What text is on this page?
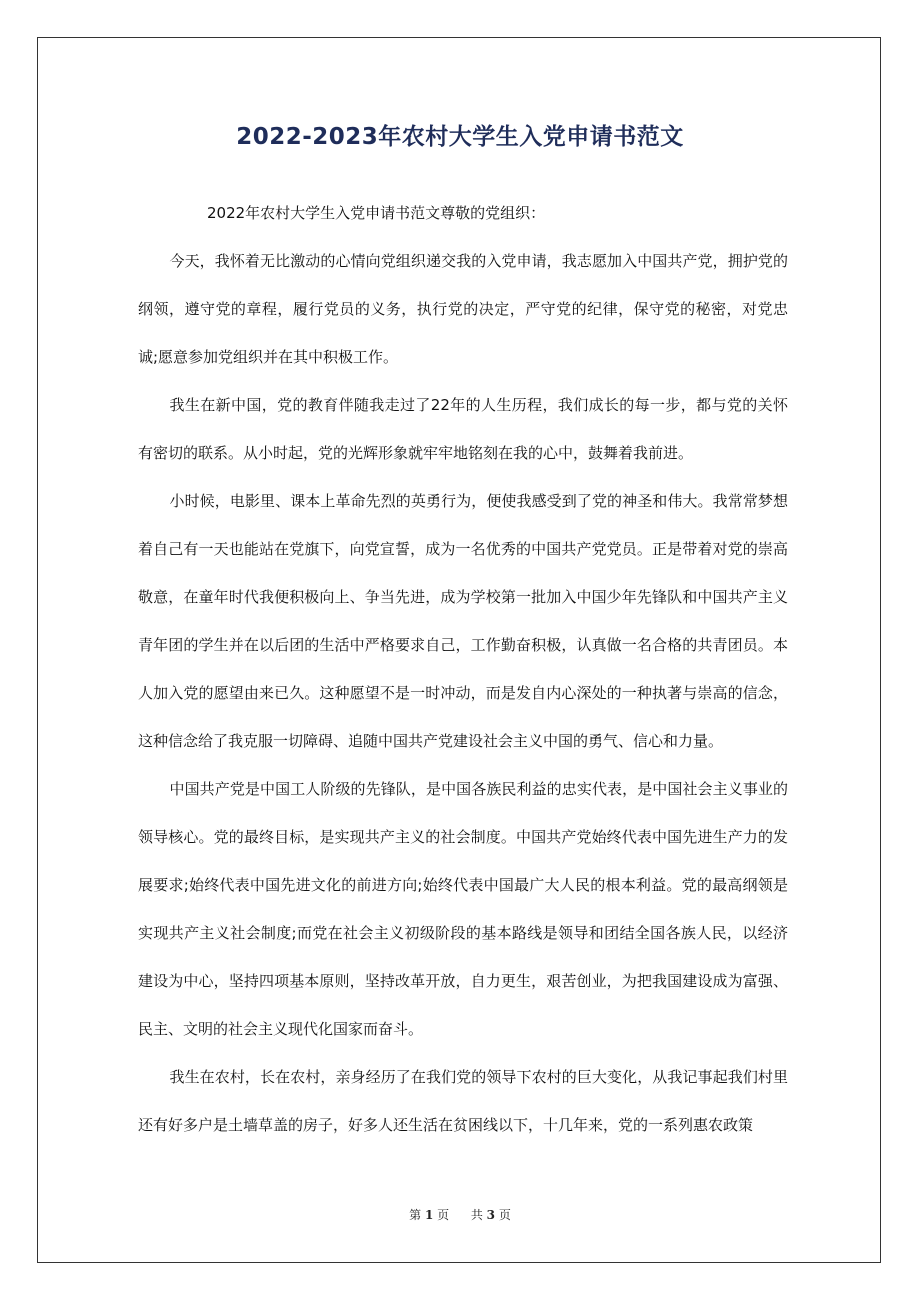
2022-2023年农村大学生入党申请书范文

2022年农村大学生入党申请书范文尊敬的党组织：

今天，我怀着无比激动的心情向党组织递交我的入党申请，我志愿加入中国共产党，拥护党的纲领，遵守党的章程，履行党员的义务，执行党的决定，严守党的纪律，保守党的秘密，对党忠诚;愿意参加党组织并在其中积极工作。

我生在新中国，党的教育伴随我走过了22年的人生历程，我们成长的每一步，都与党的关怀有密切的联系。从小时起，党的光辉形象就牢牢地铭刻在我的心中，鼓舞着我前进。

小时候，电影里、课本上革命先烈的英勇行为，便使我感受到了党的神圣和伟大。我常常梦想着自己有一天也能站在党旗下，向党宣誓，成为一名优秀的中国共产党党员。正是带着对党的崇高敬意，在童年时代我便积极向上、争当先进，成为学校第一批加入中国少年先锋队和中国共产主义青年团的学生并在以后团的生活中严格要求自己，工作勤奋积极，认真做一名合格的共青团员。本人加入党的愿望由来已久。这种愿望不是一时冲动，而是发自内心深处的一种执著与崇高的信念，这种信念给了我克服一切障碍、追随中国共产党建设社会主义中国的勇气、信心和力量。

中国共产党是中国工人阶级的先锋队，是中国各族民利益的忠实代表，是中国社会主义事业的领导核心。党的最终目标，是实现共产主义的社会制度。中国共产党始终代表中国先进生产力的发展要求;始终代表中国先进文化的前进方向;始终代表中国最广大人民的根本利益。党的最高纲领是实现共产主义社会制度;而党在社会主义初级阶段的基本路线是领导和团结全国各族人民，以经济建设为中心，坚持四项基本原则，坚持改革开放，自力更生，艰苦创业，为把我国建设成为富强、民主、文明的社会主义现代化国家而奋斗。

我生在农村，长在农村，亲身经历了在我们党的领导下农村的巨大变化，从我记事起我们村里还有好多户是土墙草盖的房子，好多人还生活在贫困线以下，十几年来，党的一系列惠农政策

第 1 页 共 3 页
